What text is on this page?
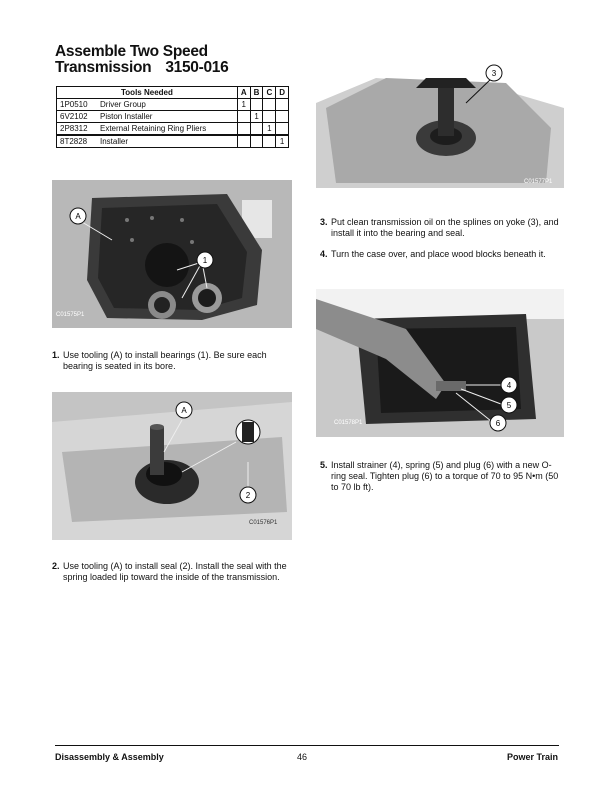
Assemble Two Speed
Transmission 3150-016
Tools Needed		A	B	C	D
1P0510	Driver Group	1			
6V2102	Piston Installer		1		
2P8312	External Retaining Ring Pliers			1	
8T2828	Installer				1
A
1
C01575P1
1. Use tooling (A) to install bearings (1). Be sure each bearing is seated in its bore.
A
2
C01576P1
2. Use tooling (A) to install seal (2). Install the seal with the spring loaded lip toward the inside of the transmission.
3
C01577P1
3. Put clean transmission oil on the splines on yoke (3), and install it into the bearing and seal.
4. Turn the case over, and place wood blocks beneath it.
4
5
6
C01578P1
5. Install strainer (4), spring (5) and plug (6) with a new O-ring seal. Tighten plug (6) to a torque of 70 to 95 N•m (50 to 70 lb ft).
Disassembly & Assembly	46	Power Train
